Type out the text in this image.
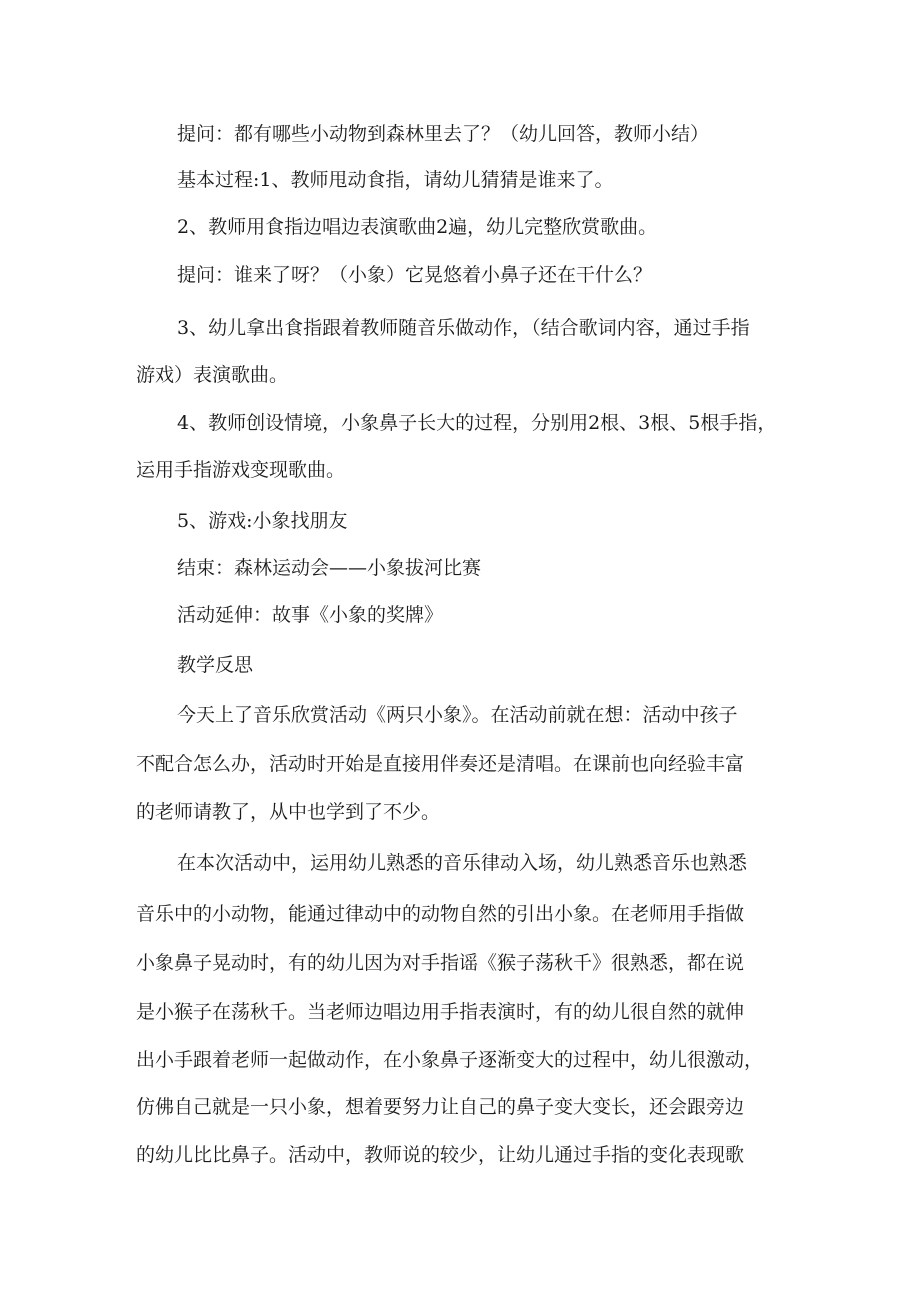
提问：都有哪些小动物到森林里去了？（幼儿回答，教师小结）
基本过程:1、教师甩动食指，请幼儿猜猜是谁来了。
2、教师用食指边唱边表演歌曲2遍，幼儿完整欣赏歌曲。
提问：谁来了呀？（小象）它晃悠着小鼻子还在干什么？
3、幼儿拿出食指跟着教师随音乐做动作，（结合歌词内容，通过手指
游戏）表演歌曲。
4、教师创设情境，小象鼻子长大的过程，分别用2根、3根、5根手指，
运用手指游戏变现歌曲。
5、游戏:小象找朋友
结束：森林运动会——小象拔河比赛
活动延伸：故事《小象的奖牌》
教学反思
今天上了音乐欣赏活动《两只小象》。在活动前就在想：活动中孩子
不配合怎么办，活动时开始是直接用伴奏还是清唱。在课前也向经验丰富
的老师请教了，从中也学到了不少。
在本次活动中，运用幼儿熟悉的音乐律动入场，幼儿熟悉音乐也熟悉
音乐中的小动物，能通过律动中的动物自然的引出小象。在老师用手指做
小象鼻子晃动时，有的幼儿因为对手指谣《猴子荡秋千》很熟悉，都在说
是小猴子在荡秋千。当老师边唱边用手指表演时，有的幼儿很自然的就伸
出小手跟着老师一起做动作，在小象鼻子逐渐变大的过程中，幼儿很激动，
仿佛自己就是一只小象，想着要努力让自己的鼻子变大变长，还会跟旁边
的幼儿比比鼻子。活动中，教师说的较少，让幼儿通过手指的变化表现歌
